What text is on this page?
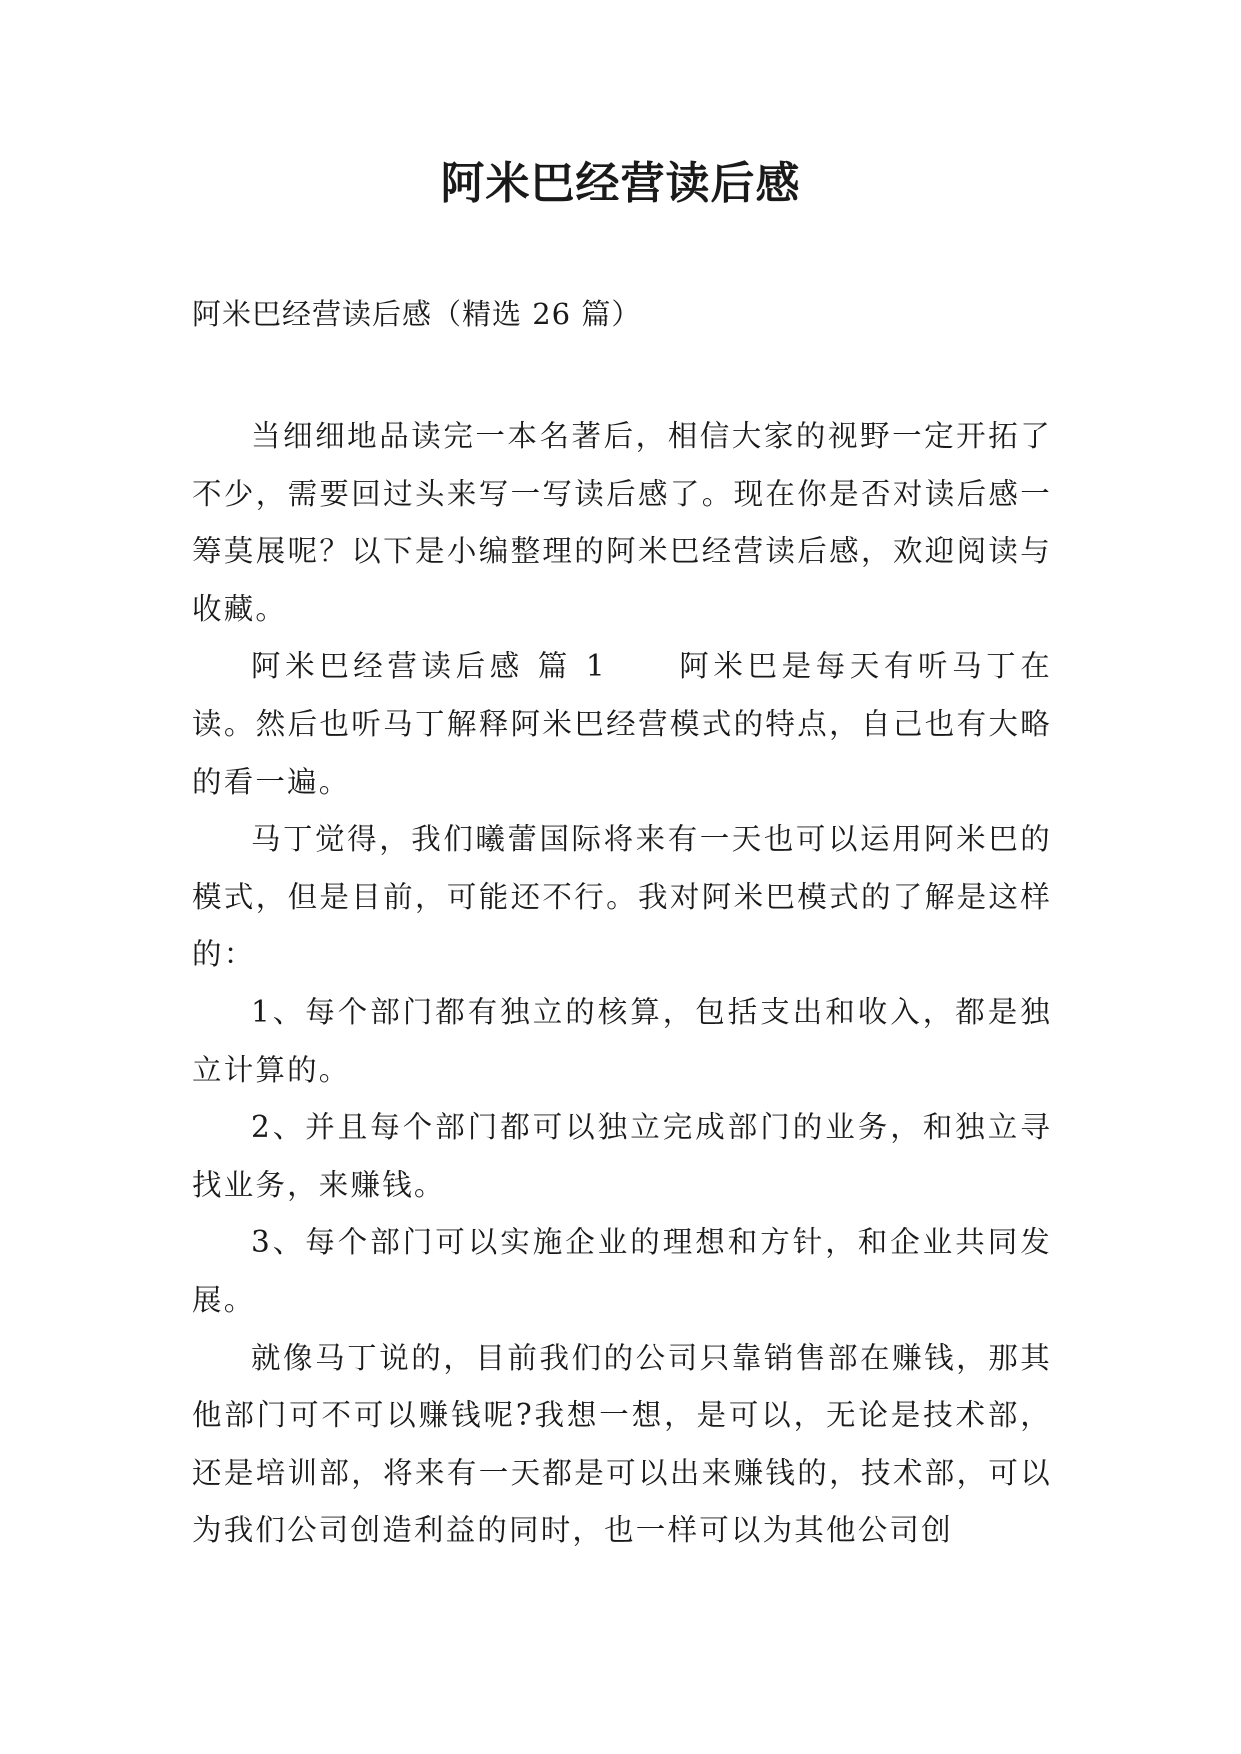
阿米巴经营读后感

阿米巴经营读后感（精选 26 篇）

当细细地品读完一本名著后，相信大家的视野一定开拓了不少，需要回过头来写一写读后感了。现在你是否对读后感一筹莫展呢？以下是小编整理的阿米巴经营读后感，欢迎阅读与收藏。

阿米巴经营读后感 篇 1 阿米巴是每天有听马丁在读。然后也听马丁解释阿米巴经营模式的特点，自己也有大略的看一遍。

马丁觉得，我们曦蕾国际将来有一天也可以运用阿米巴的模式，但是目前，可能还不行。我对阿米巴模式的了解是这样的：

1、每个部门都有独立的核算，包括支出和收入，都是独立计算的。

2、并且每个部门都可以独立完成部门的业务，和独立寻找业务，来赚钱。

3、每个部门可以实施企业的理想和方针，和企业共同发展。

就像马丁说的，目前我们的公司只靠销售部在赚钱，那其他部门可不可以赚钱呢?我想一想，是可以，无论是技术部，还是培训部，将来有一天都是可以出来赚钱的，技术部，可以为我们公司创造利益的同时，也一样可以为其他公司创
